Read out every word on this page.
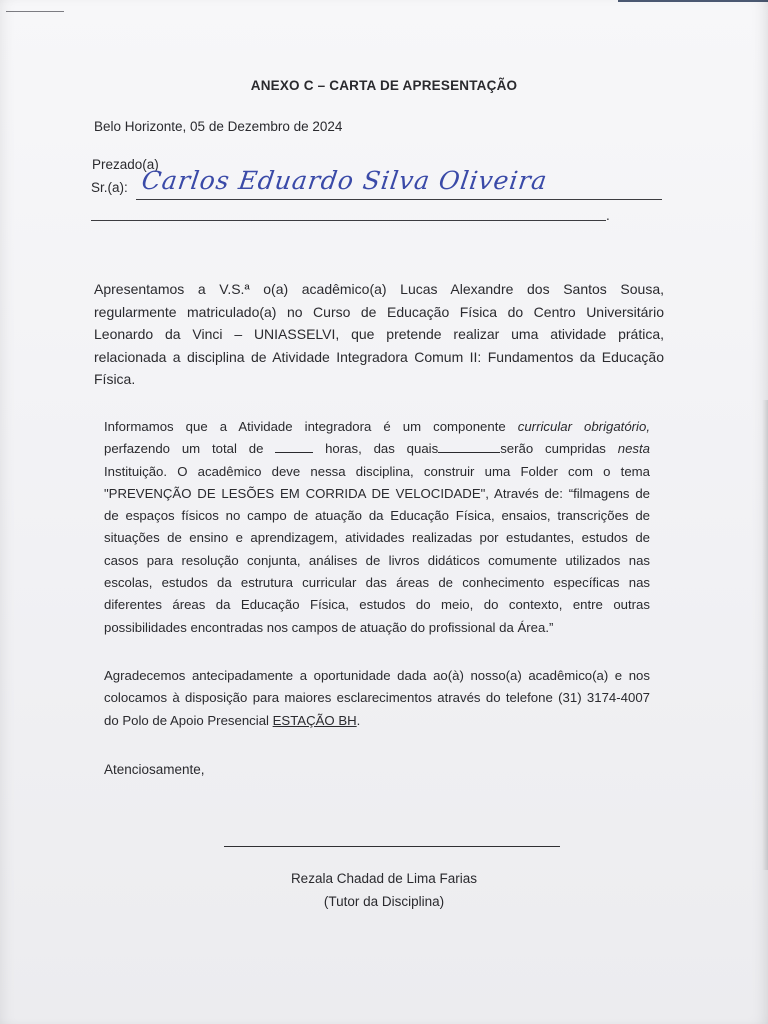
ANEXO C – CARTA DE APRESENTAÇÃO
Belo Horizonte, 05 de Dezembro de 2024
Prezado(a)
Sr.(a): Carlos Eduardo Silva Oliveira
.
Apresentamos a V.S.ª o(a) acadêmico(a) Lucas Alexandre dos Santos Sousa,
regularmente matriculado(a) no Curso de Educação Física do Centro Universitário
Leonardo da Vinci – UNIASSELVI, que pretende realizar uma atividade prática,
relacionada a disciplina de Atividade Integradora Comum II: Fundamentos da Educação
Física.
Informamos que a Atividade integradora é um componente curricular obrigatório,
perfazendo um total de	horas, das quais	serão cumpridas nesta
Instituição. O acadêmico deve nessa disciplina, construir uma Folder com o tema
"PREVENÇÃO DE LESÕES EM CORRIDA DE VELOCIDADE", Através de: “filmagens de
de espaços físicos no campo de atuação da Educação Física, ensaios, transcrições de
situações de ensino e aprendizagem, atividades realizadas por estudantes, estudos de
casos para resolução conjunta, análises de livros didáticos comumente utilizados nas
escolas, estudos da estrutura curricular das áreas de conhecimento específicas nas
diferentes áreas da Educação Física, estudos do meio, do contexto, entre outras
possibilidades encontradas nos campos de atuação do profissional da Área.”
Agradecemos antecipadamente a oportunidade dada ao(à) nosso(a) acadêmico(a) e nos
colocamos à disposição para maiores esclarecimentos através do telefone (31) 3174-4007
do Polo de Apoio Presencial ESTAÇÃO BH.
Atenciosamente,
Rezala Chadad de Lima Farias
(Tutor da Disciplina)
